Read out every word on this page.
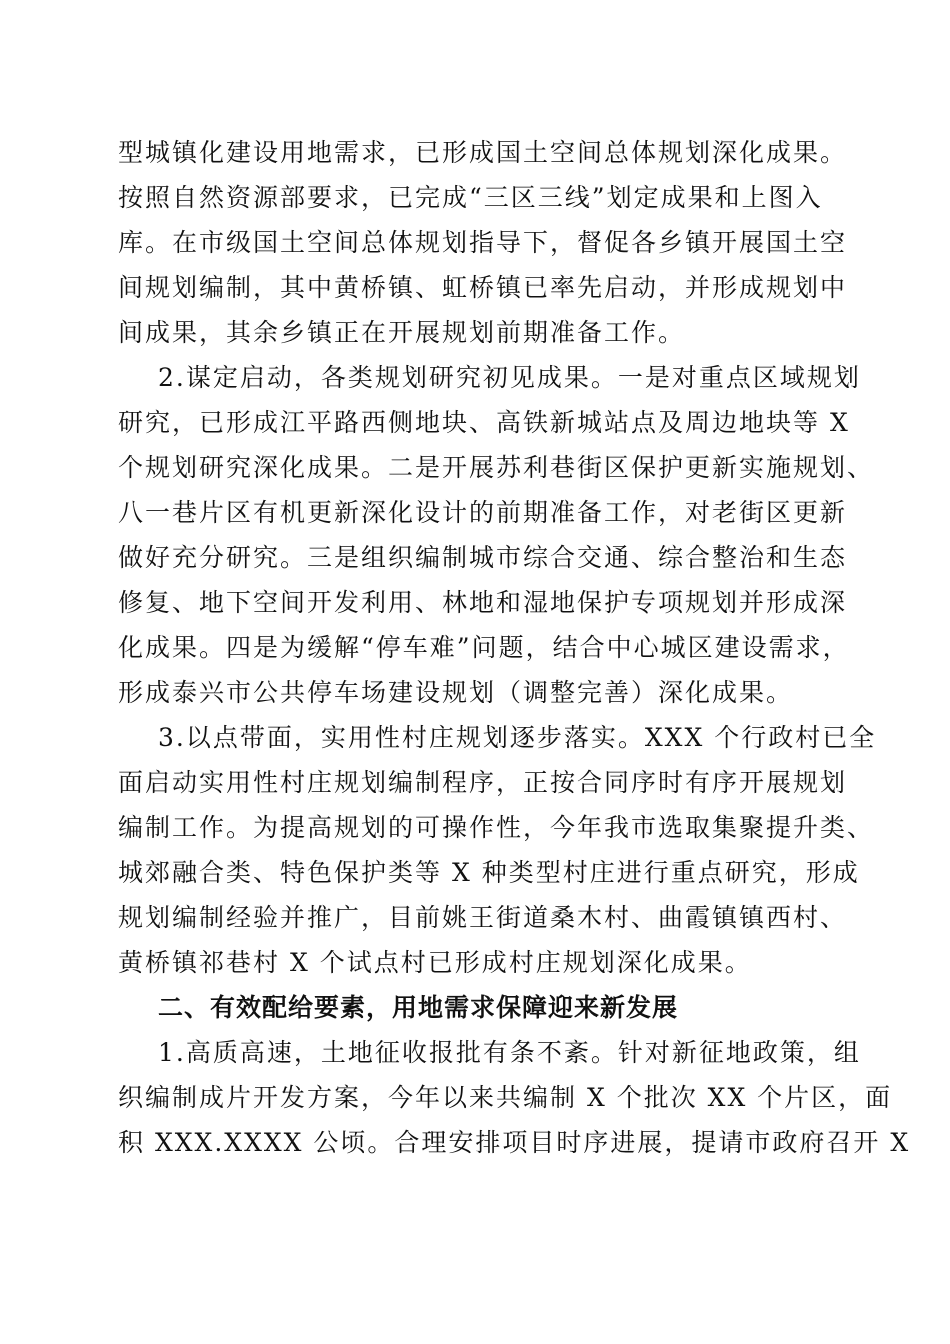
型城镇化建设用地需求，已形成国土空间总体规划深化成果。
按照自然资源部要求，已完成“三区三线”划定成果和上图入
库。在市级国土空间总体规划指导下，督促各乡镇开展国土空
间规划编制，其中黄桥镇、虹桥镇已率先启动，并形成规划中
间成果，其余乡镇正在开展规划前期准备工作。
2.谋定启动，各类规划研究初见成果。一是对重点区域规划
研究，已形成江平路西侧地块、高铁新城站点及周边地块等 X
个规划研究深化成果。二是开展苏利巷街区保护更新实施规划、
八一巷片区有机更新深化设计的前期准备工作，对老街区更新
做好充分研究。三是组织编制城市综合交通、综合整治和生态
修复、地下空间开发利用、林地和湿地保护专项规划并形成深
化成果。四是为缓解“停车难”问题，结合中心城区建设需求，
形成泰兴市公共停车场建设规划（调整完善）深化成果。
3.以点带面，实用性村庄规划逐步落实。XXX 个行政村已全
面启动实用性村庄规划编制程序，正按合同序时有序开展规划
编制工作。为提高规划的可操作性，今年我市选取集聚提升类、
城郊融合类、特色保护类等 X 种类型村庄进行重点研究，形成
规划编制经验并推广，目前姚王街道桑木村、曲霞镇镇西村、
黄桥镇祁巷村 X 个试点村已形成村庄规划深化成果。
二、有效配给要素，用地需求保障迎来新发展
1.高质高速，土地征收报批有条不紊。针对新征地政策，组
织编制成片开发方案，今年以来共编制 X 个批次 XX 个片区，面
积 XXX.XXXX 公顷。合理安排项目时序进展，提请市政府召开 X
